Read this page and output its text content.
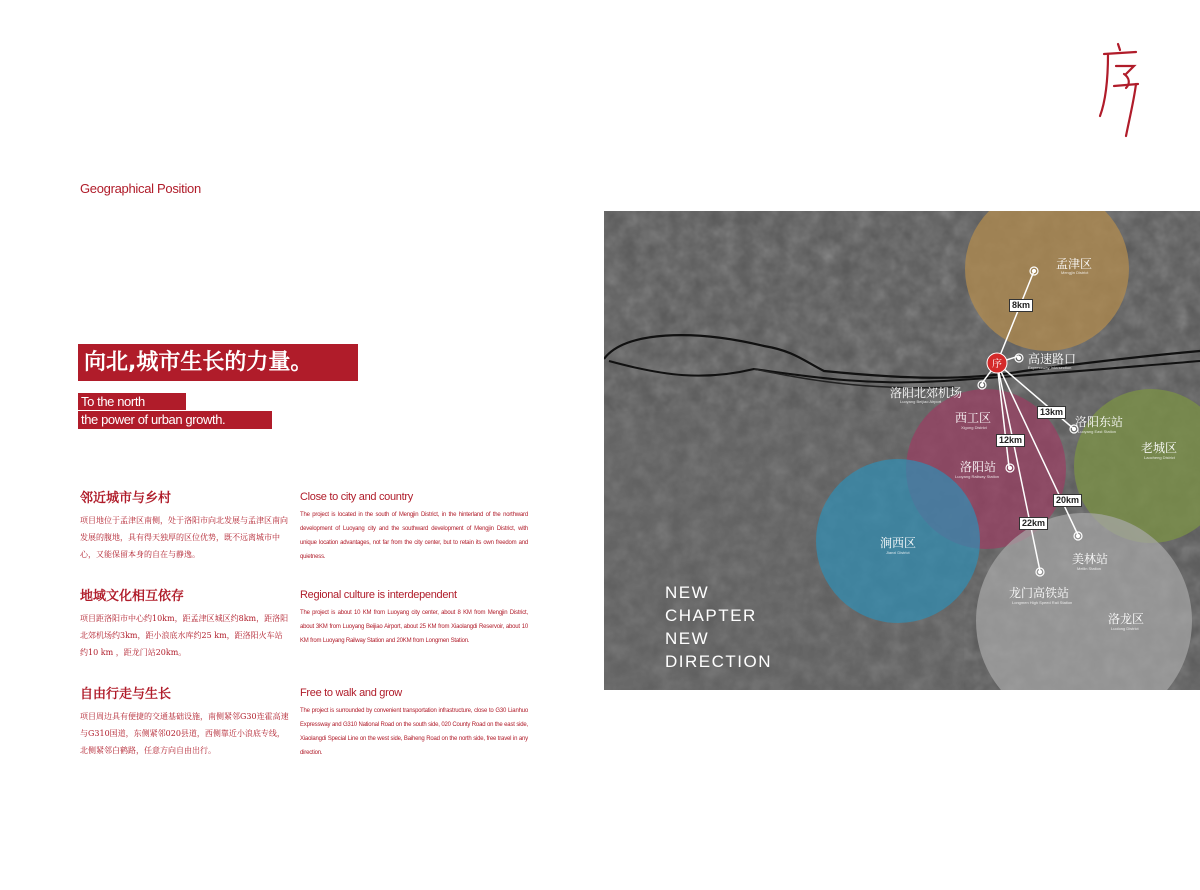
Geographical Position
向北,城市生长的力量。
To the north
the power of urban growth.
邻近城市与乡村
项目地位于孟津区南侧，处于洛阳市向北发展与孟津区南向发展的腹地，具有得天独厚的区位优势，既不远离城市中心，又能保留本身的自在与静逸。
Close to city and country
The project is located in the south of Mengjin District, in the hinterland of the northward development of Luoyang city and the southward development of Mengjin District, with unique location advantages, not far from the city center, but to retain its own freedom and quietness.
地域文化相互依存
项目距洛阳市中心约10km，距孟津区城区约8km，距洛阳北郊机场约3km，距小浪底水库约25 km，距洛阳火车站约10 km ，距龙门站20km。
Regional culture is interdependent
The project is about 10 KM from Luoyang city center, about 8 KM from Mengjin District, about 3KM from Luoyang Beijiao Airport, about 25 KM from Xiaolangdi Reservoir, about 10 KM from Luoyang Railway Station and 20KM from Longmen Station.
自由行走与生长
项目周边具有便捷的交通基础设施，南侧紧邻G30连霍高速与G310国道，东侧紧邻020县道，西侧靠近小浪底专线，北侧紧邻白鹤路，任意方向自由出行。
Free to walk and grow
The project is surrounded by convenient transportation infrastructure, close to G30 Lianhuo Expressway and G310 National Road on the south side, 020 County Road on the east side, Xiaolangdi Special Line on the west side, Baiheng Road on the north side, free travel in any direction.
序
孟津区
Mengjin District
老城区
Laocheng District
西工区
Xigong District
涧西区
Jianxi District
洛龙区
Luolong District
高速路口
Expressway Intersection
洛阳北郊机场
Luoyang Beijiao Airport
洛阳东站
Luoyang East Station
洛阳站
Luoyang Railway Station
美林站
Meilin Station
龙门高铁站
Longmen High Speed Rail Station
8km
13km
12km
20km
22km
NEW
CHAPTER
NEW
DIRECTION
